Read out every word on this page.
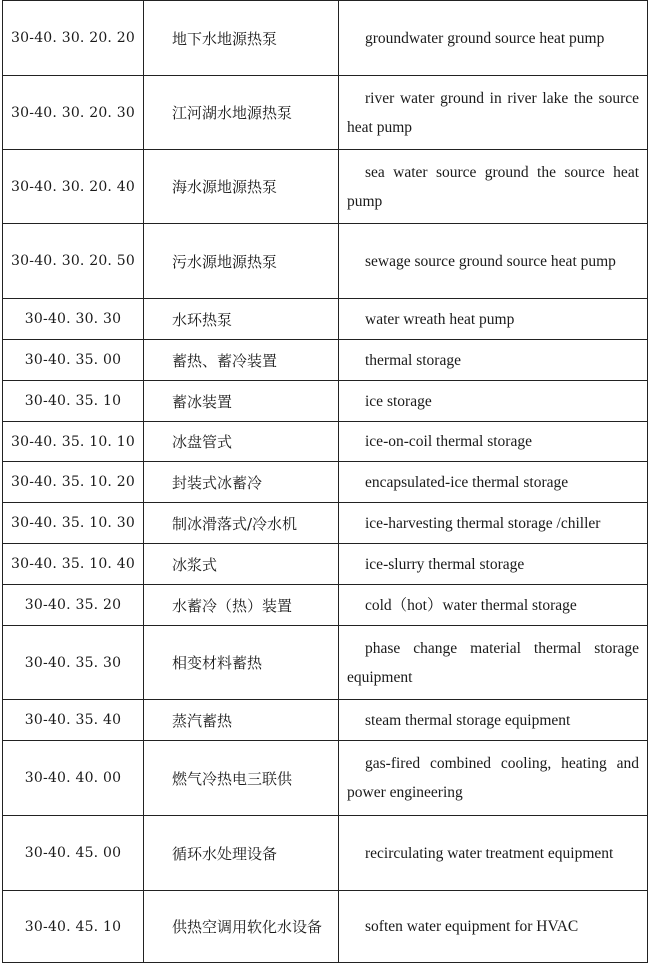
30-40. 30. 20. 20	地下水地源热泵	groundwater ground source heat pump

30-40. 30. 20. 30	江河湖水地源热泵	river water ground in river lake the source heat pump

30-40. 30. 20. 40	海水源地源热泵	sea water source ground the source heat pump

30-40. 30. 20. 50	污水源地源热泵	sewage source ground source heat pump

30-40. 30. 30	水环热泵	water wreath heat pump

30-40. 35. 00	蓄热、蓄冷装置	thermal storage

30-40. 35. 10	蓄冰装置	ice storage

30-40. 35. 10. 10	冰盘管式	ice-on-coil thermal storage

30-40. 35. 10. 20	封装式冰蓄冷	encapsulated-ice thermal storage

30-40. 35. 10. 30	制冰滑落式/冷水机	ice-harvesting thermal storage /chiller

30-40. 35. 10. 40	冰浆式	ice-slurry thermal storage

30-40. 35. 20	水蓄冷（热）装置	cold（hot）water thermal storage

30-40. 35. 30	相变材料蓄热	phase change material thermal storage equipment

30-40. 35. 40	蒸汽蓄热	steam thermal storage equipment

30-40. 40. 00	燃气冷热电三联供	gas-fired combined cooling, heating and power engineering

30-40. 45. 00	循环水处理设备	recirculating water treatment equipment

30-40. 45. 10	供热空调用软化水设备	soften water equipment for HVAC
